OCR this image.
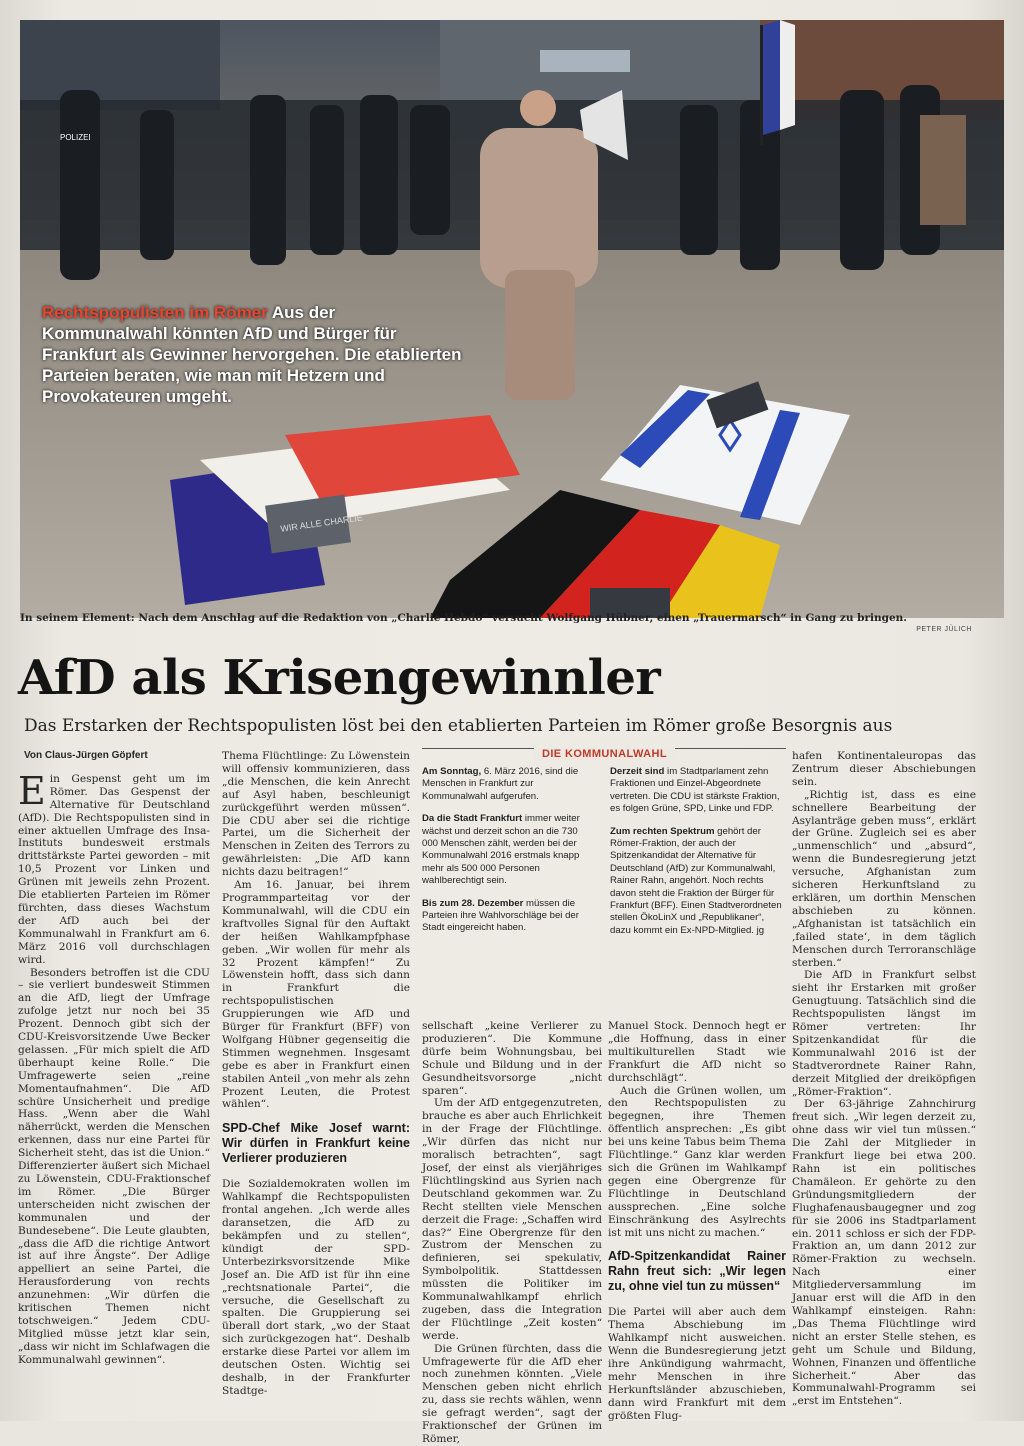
WIR ALLE CHARLIE
POLIZEI
Rechtspopulisten im Römer Aus der Kommunalwahl könnten AfD und Bürger für Frankfurt als Gewinner hervorgehen. Die etablierten Parteien beraten, wie man mit Hetzern und Provokateuren umgeht.
In seinem Element: Nach dem Anschlag auf die Redaktion von „Charlie Hebdo“ versucht Wolfgang Hübner, einen „Trauermarsch“ in Gang zu bringen.
PETER JÜLICH
AfD als Krisengewinnler
Das Erstarken der Rechtspopulisten löst bei den etablierten Parteien im Römer große Besorgnis aus
Von Claus-Jürgen Göpfert

Ein Gespenst geht um im Römer. Das Gespenst der Alternative für Deutschland (AfD). Die Rechtspopulisten sind in einer aktuellen Umfrage des Insa-Instituts bundesweit erstmals drittstärkste Partei geworden – mit 10,5 Prozent vor Linken und Grünen mit jeweils zehn Prozent. Die etablierten Parteien im Römer fürchten, dass dieses Wachstum der AfD auch bei der Kommunalwahl in Frankfurt am 6. März 2016 voll durchschlagen wird.

Besonders betroffen ist die CDU – sie verliert bundesweit Stimmen an die AfD, liegt der Umfrage zufolge jetzt nur noch bei 35 Prozent. Dennoch gibt sich der CDU-Kreisvorsitzende Uwe Becker gelassen. „Für mich spielt die AfD überhaupt keine Rolle.“ Die Umfragewerte seien „reine Momentaufnahmen“. Die AfD schüre Unsicherheit und predige Hass. „Wenn aber die Wahl näherrückt, werden die Menschen erkennen, dass nur eine Partei für Sicherheit steht, das ist die Union.“ Differenzierter äußert sich Michael zu Löwenstein, CDU-Fraktionschef im Römer. „Die Bürger unterscheiden nicht zwischen der kommunalen und der Bundesebene“. Die Leute glaubten, „dass die AfD die richtige Antwort ist auf ihre Ängste“. Der Adlige appelliert an seine Partei, die Herausforderung von rechts anzunehmen: „Wir dürfen die kritischen Themen nicht totschweigen.“ Jedem CDU-Mitglied müsse jetzt klar sein, „dass wir nicht im Schlafwagen die Kommunalwahl gewinnen“.

Thema Flüchtlinge: Zu Löwenstein will offensiv kommunizieren, dass „die Menschen, die kein Anrecht auf Asyl haben, beschleunigt zurückgeführt werden müssen“. Die CDU aber sei die richtige Partei, um die Sicherheit der Menschen in Zeiten des Terrors zu gewährleisten: „Die AfD kann nichts dazu beitragen!“

Am 16. Januar, bei ihrem Programmparteitag vor der Kommunalwahl, will die CDU ein kraftvolles Signal für den Auftakt der heißen Wahlkampfphase geben. „Wir wollen für mehr als 32 Prozent kämpfen!“ Zu Löwenstein hofft, dass sich dann in Frankfurt die rechtspopulistischen Gruppierungen wie AfD und Bürger für Frankfurt (BFF) von Wolfgang Hübner gegenseitig die Stimmen wegnehmen. Insgesamt gebe es aber in Frankfurt einen stabilen Anteil „von mehr als zehn Prozent Leuten, die Protest wählen“.

SPD-Chef Mike Josef warnt: Wir dürfen in Frankfurt keine Verlierer produzieren

Die Sozialdemokraten wollen im Wahlkampf die Rechtspopulisten frontal angehen. „Ich werde alles daransetzen, die AfD zu bekämpfen und zu stellen“, kündigt der SPD-Unterbezirksvorsitzende Mike Josef an. Die AfD ist für ihn eine „rechtsnationale Partei“, die versuche, die Gesellschaft zu spalten. Die Gruppierung sei überall dort stark, „wo der Staat sich zurückgezogen hat“. Deshalb erstarke diese Partei vor allem im deutschen Osten. Wichtig sei deshalb, in der Frankfurter Stadtge-

DIE KOMMUNALWAHL

Am Sonntag, 6. März 2016, sind die Menschen in Frankfurt zur Kommunalwahl aufgerufen.

Da die Stadt Frankfurt immer weiter wächst und derzeit schon an die 730 000 Menschen zählt, werden bei der Kommunalwahl 2016 erstmals knapp mehr als 500 000 Personen wahlberechtigt sein.

Bis zum 28. Dezember müssen die Parteien ihre Wahlvorschläge bei der Stadt eingereicht haben.

Derzeit sind im Stadtparlament zehn Fraktionen und Einzel-Abgeordnete vertreten. Die CDU ist stärkste Fraktion, es folgen Grüne, SPD, Linke und FDP.

Zum rechten Spektrum gehört der Römer-Fraktion, der auch der Spitzenkandidat der Alternative für Deutschland (AfD) zur Kommunalwahl, Rainer Rahn, angehört. Noch rechts davon steht die Fraktion der Bürger für Frankfurt (BFF). Einen Stadtverordneten stellen ÖkoLinX und „Republikaner“, dazu kommt ein Ex-NPD-Mitglied. jg

sellschaft „keine Verlierer zu produzieren“. Die Kommune dürfe beim Wohnungsbau, bei Schule und Bildung und in der Gesundheitsvorsorge „nicht sparen“.

Um der AfD entgegenzutreten, brauche es aber auch Ehrlichkeit in der Frage der Flüchtlinge. „Wir dürfen das nicht nur moralisch betrachten“, sagt Josef, der einst als vierjähriges Flüchtlingskind aus Syrien nach Deutschland gekommen war. Zu Recht stellten viele Menschen derzeit die Frage: „Schaffen wird das?“ Eine Obergrenze für den Zustrom der Menschen zu definieren, sei spekulativ, Symbolpolitik. Stattdessen müssten die Politiker im Kommunalwahlkampf ehrlich zugeben, dass die Integration der Flüchtlinge „Zeit kosten“ werde.

Die Grünen fürchten, dass die Umfragewerte für die AfD eher noch zunehmen könnten. „Viele Menschen geben nicht ehrlich zu, dass sie rechts wählen, wenn sie gefragt werden“, sagt der Fraktionschef der Grünen im Römer,

Manuel Stock. Dennoch hegt er „die Hoffnung, dass in einer multikulturellen Stadt wie Frankfurt die AfD nicht so durchschlägt“.

Auch die Grünen wollen, um den Rechtspopulisten zu begegnen, ihre Themen öffentlich ansprechen: „Es gibt bei uns keine Tabus beim Thema Flüchtlinge.“ Ganz klar werden sich die Grünen im Wahlkampf gegen eine Obergrenze für Flüchtlinge in Deutschland aussprechen. „Eine solche Einschränkung des Asylrechts ist mit uns nicht zu machen.“

AfD-Spitzenkandidat Rainer Rahn freut sich: „Wir legen zu, ohne viel tun zu müssen“

Die Partei will aber auch dem Thema Abschiebung im Wahlkampf nicht ausweichen. Wenn die Bundesregierung jetzt ihre Ankündigung wahrmacht, mehr Menschen in ihre Herkunftsländer abzuschieben, dann wird Frankfurt mit dem größten Flug-

hafen Kontinentaleuropas das Zentrum dieser Abschiebungen sein.

„Richtig ist, dass es eine schnellere Bearbeitung der Asylanträge geben muss“, erklärt der Grüne. Zugleich sei es aber „unmenschlich“ und „absurd“, wenn die Bundesregierung jetzt versuche, Afghanistan zum sicheren Herkunftsland zu erklären, um dorthin Menschen abschieben zu können. „Afghanistan ist tatsächlich ein ‚failed state‘, in dem täglich Menschen durch Terroranschläge sterben.“

Die AfD in Frankfurt selbst sieht ihr Erstarken mit großer Genugtuung. Tatsächlich sind die Rechtspopulisten längst im Römer vertreten: Ihr Spitzenkandidat für die Kommunalwahl 2016 ist der Stadtverordnete Rainer Rahn, derzeit Mitglied der dreiköpfigen „Römer-Fraktion“.

Der 63-jährige Zahnchirurg freut sich. „Wir legen derzeit zu, ohne dass wir viel tun müssen.“ Die Zahl der Mitglieder in Frankfurt liege bei etwa 200. Rahn ist ein politisches Chamäleon. Er gehörte zu den Gründungsmitgliedern der Flughafenausbaugegner und zog für sie 2006 ins Stadtparlament ein. 2011 schloss er sich der FDP-Fraktion an, um dann 2012 zur Römer-Fraktion zu wechseln. Nach einer Mitgliederversammlung im Januar erst will die AfD in den Wahlkampf einsteigen. Rahn: „Das Thema Flüchtlinge wird nicht an erster Stelle stehen, es geht um Schule und Bildung, Wohnen, Finanzen und öffentliche Sicherheit.“ Aber das Kommunalwahl-Programm sei „erst im Entstehen“.
